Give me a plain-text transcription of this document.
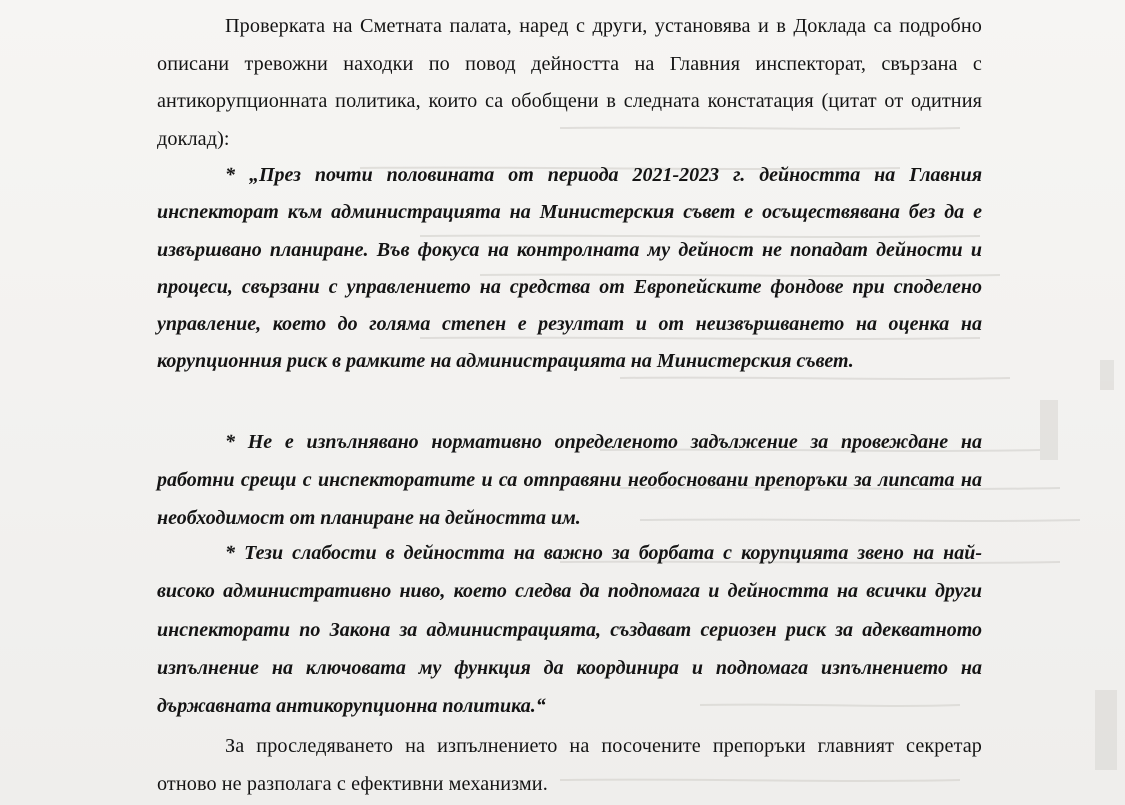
Проверката на Сметната палата, наред с други, установява и в Доклада са подробно описани тревожни находки по повод дейността на Главния инспекторат, свързана с антикорупционната политика, които са обобщени в следната констатация (цитат от одитния доклад):

* „През почти половината от периода 2021-2023 г. дейността на Главния инспекторат към администрацията на Министерския съвет е осъществявана без да е извършвано планиране. Във фокуса на контролната му дейност не попадат дейности и процеси, свързани с управлението на средства от Европейските фондове при споделено управление, което до голяма степен е резултат и от неизвършването на оценка на корупционния риск в рамките на администрацията на Министерския съвет.

* Не е изпълнявано нормативно определеното задължение за провеждане на работни срещи с инспекторатите и са отправяни необосновани препоръки за липсата на необходимост от планиране на дейността им.

* Тези слабости в дейността на важно за борбата с корупцията звено на най-високо административно ниво, което следва да подпомага и дейността на всички други инспекторати по Закона за администрацията, създават сериозен риск за адекватното изпълнение на ключовата му функция да координира и подпомага изпълнението на държавната антикорупционна политика.“

За проследяването на изпълнението на посочените препоръки главният секретар отново не разполага с ефективни механизми.
